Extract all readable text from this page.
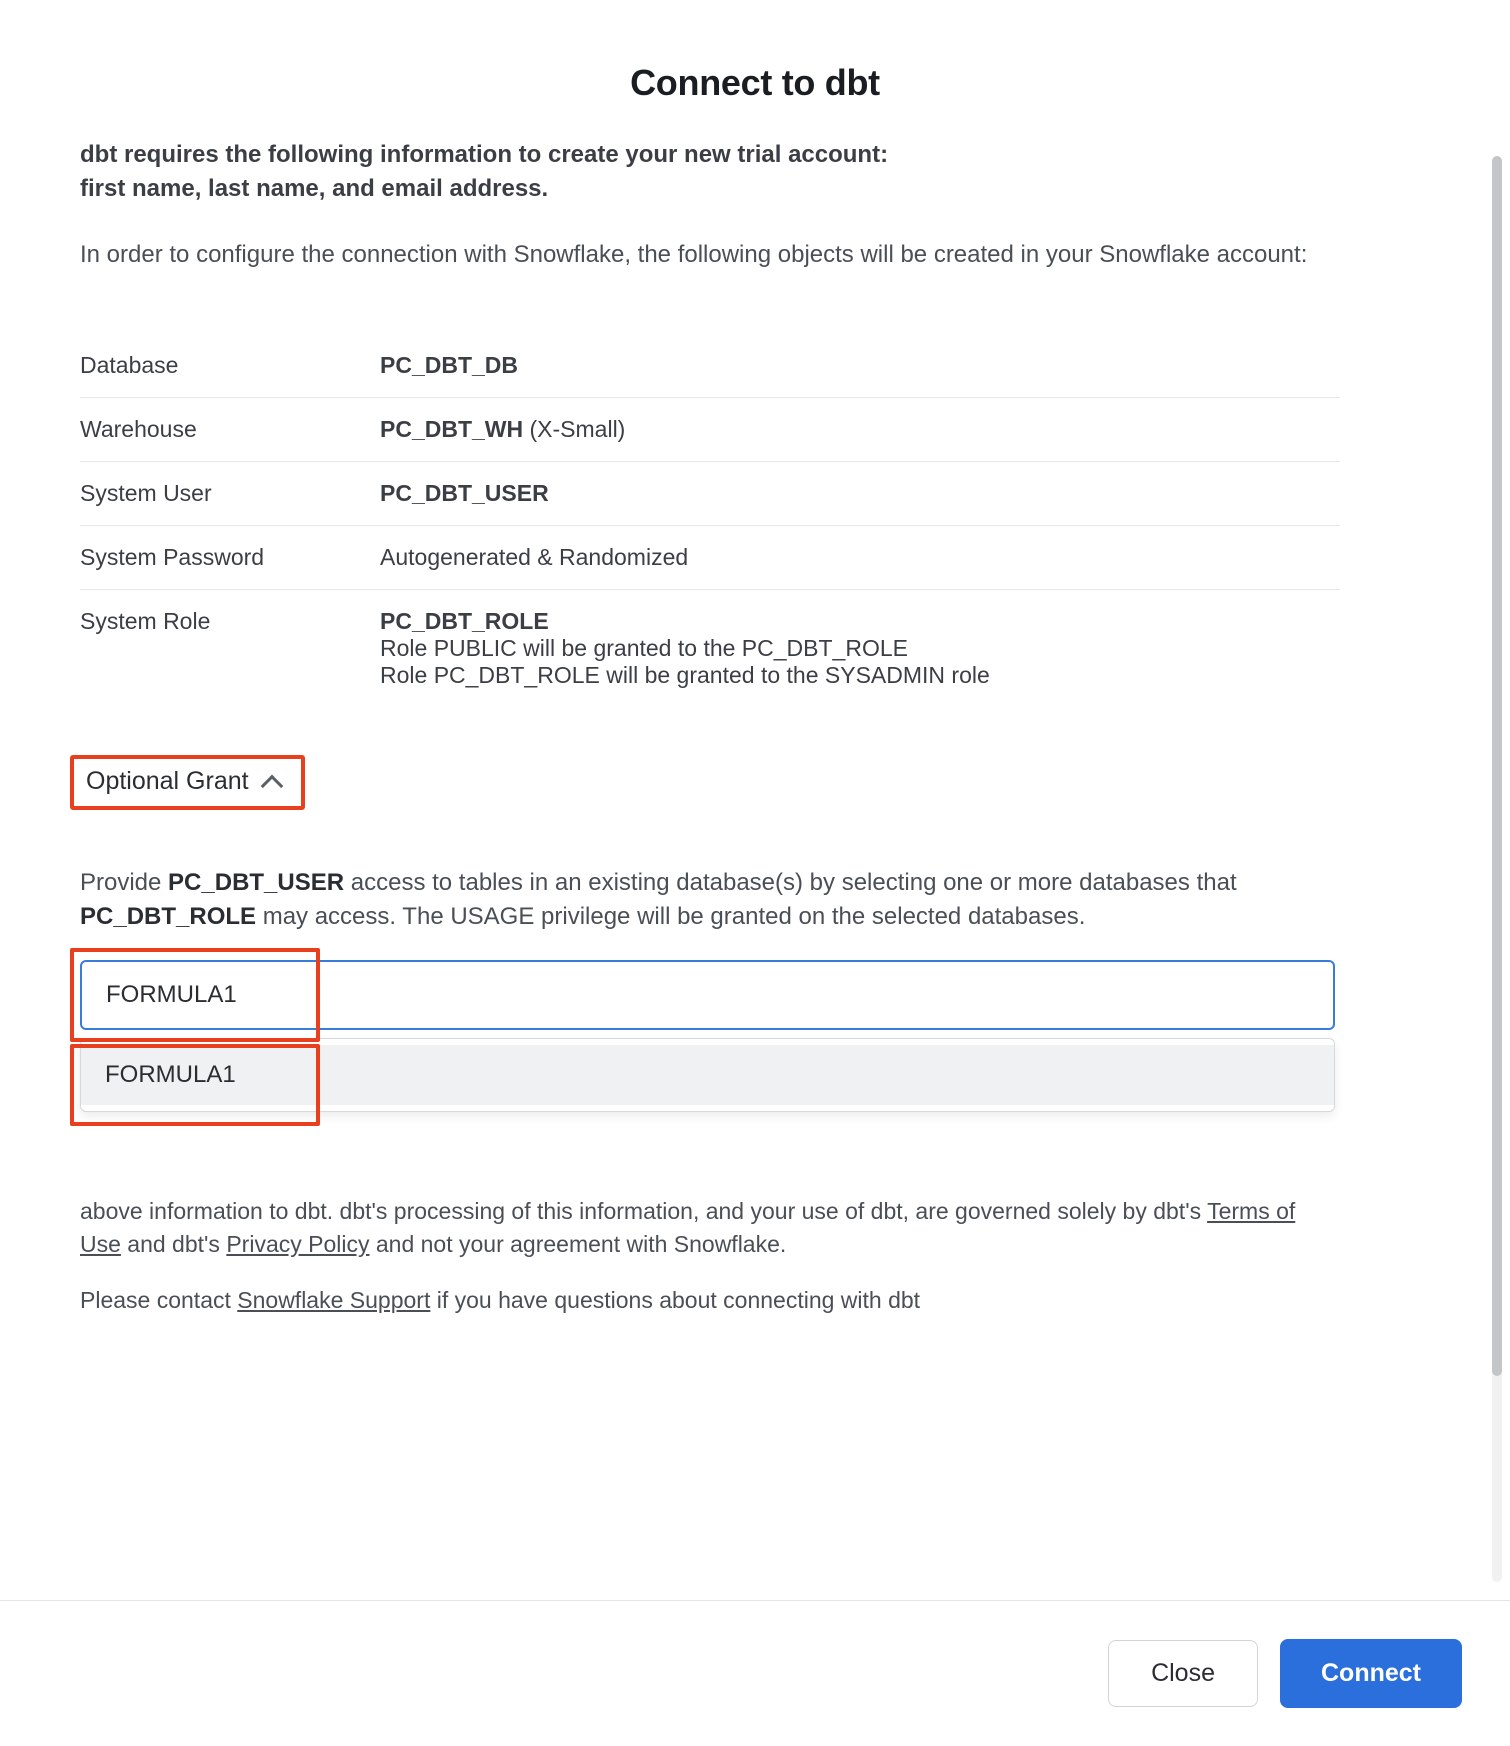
Connect to dbt
dbt requires the following information to create your new trial account:
first name, last name, and email address.
In order to configure the connection with Snowflake, the following objects will be created in your Snowflake account:
Database	PC_DBT_DB
Warehouse	PC_DBT_WH (X-Small)
System User	PC_DBT_USER
System Password	Autogenerated & Randomized
System Role	PC_DBT_ROLE
Role PUBLIC will be granted to the PC_DBT_ROLE
Role PC_DBT_ROLE will be granted to the SYSADMIN role
Optional Grant
Provide PC_DBT_USER access to tables in an existing database(s) by selecting one or more databases that PC_DBT_ROLE may access. The USAGE privilege will be granted on the selected databases.
FORMULA1
FORMULA1

above information to dbt. dbt's processing of this information, and your use of dbt, are governed solely by dbt's Terms of Use and dbt's Privacy Policy and not your agreement with Snowflake.

Please contact Snowflake Support if you have questions about connecting with dbt

Close	Connect
